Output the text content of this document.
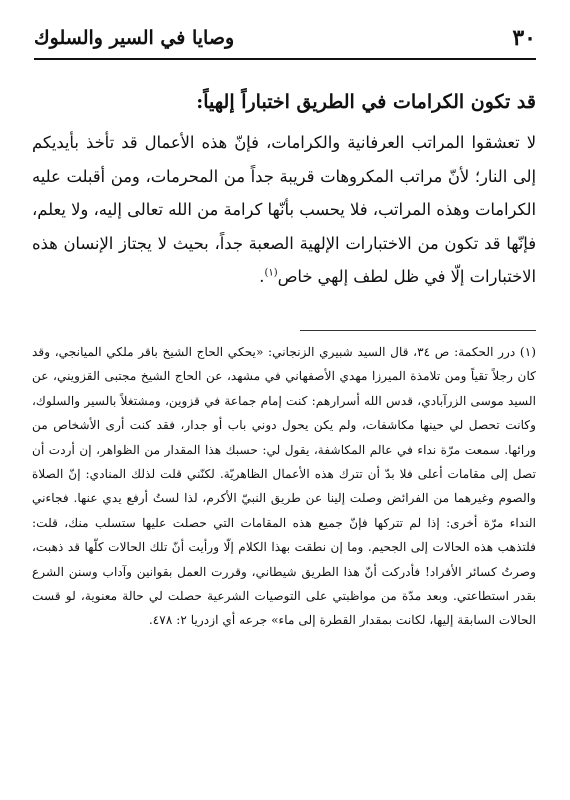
٣٠
وصايا في السير والسلوك
قد تكون الكرامات في الطريق اختباراً إلهياً:

لا تعشقوا المراتب العرفانية والكرامات، فإنّ هذه الأعمال قد تأخذ بأيديكم إلى النار؛ لأنّ مراتب المكروهات قريبة جداً من المحرمات، ومن أقبلت عليه الكرامات وهذه المراتب، فلا يحسب بأنّها كرامة من الله تعالى إليه، ولا يعلم، فإنّها قد تكون من الاختبارات الإلهية الصعبة جداً، بحيث لا يجتاز الإنسان هذه الاختبارات إلّا في ظل لطف إلهي خاص$^{(١)}$.

(١) درر الحكمة: ص ٣٤، قال السيد شبيري الزنجاني: «يحكي الحاج الشيخ باقر ملكي الميانجي، وقد كان رجلاً تقياً ومن تلامذة الميرزا مهدي الأصفهاني في مشهد، عن الحاج الشيخ مجتبى القزويني، عن السيد موسى الزرآبادي، قدس الله أسرارهم: كنت إمام جماعة في قزوين، ومشتغلاً بالسير والسلوك، وكانت تحصل لي حينها مكاشفات، ولم يكن يحول دوني باب أو جدار، فقد كنت أرى الأشخاص من ورائها. سمعت مرّة نداء في عالم المكاشفة، يقول لي: حسبك هذا المقدار من الظواهر، إن أردت أن تصل إلى مقامات أعلى فلا بدّ أن تترك هذه الأعمال الظاهريّة. لكنّني قلت لذلك المنادي: إنّ الصلاة والصوم وغيرهما من الفرائض وصلت إلينا عن طريق النبيّ الأكرم، لذا لستُ أرفع يدي عنها. فجاءني النداء مرّة أخرى: إذا لم تتركها فإنّ جميع هذه المقامات التي حصلت عليها ستسلب منك، قلت: فلتذهب هذه الحالات إلى الجحيم. وما إن نطقت بهذا الكلام إلّا ورأيت أنّ تلك الحالات كلّها قد ذهبت، وصرتُ كسائر الأفراد! فأدركت أنّ هذا الطريق شيطاني، وقررت العمل بقوانين وآداب وسنن الشرع بقدر استطاعتي. وبعد مدّة من مواظبتي على التوصيات الشرعية حصلت لي حالة معنوية، لو قست الحالات السابقة إليها، لكانت بمقدار القطرة إلى ماء» جرعه أي ازدريا ٢: ٤٧٨.
